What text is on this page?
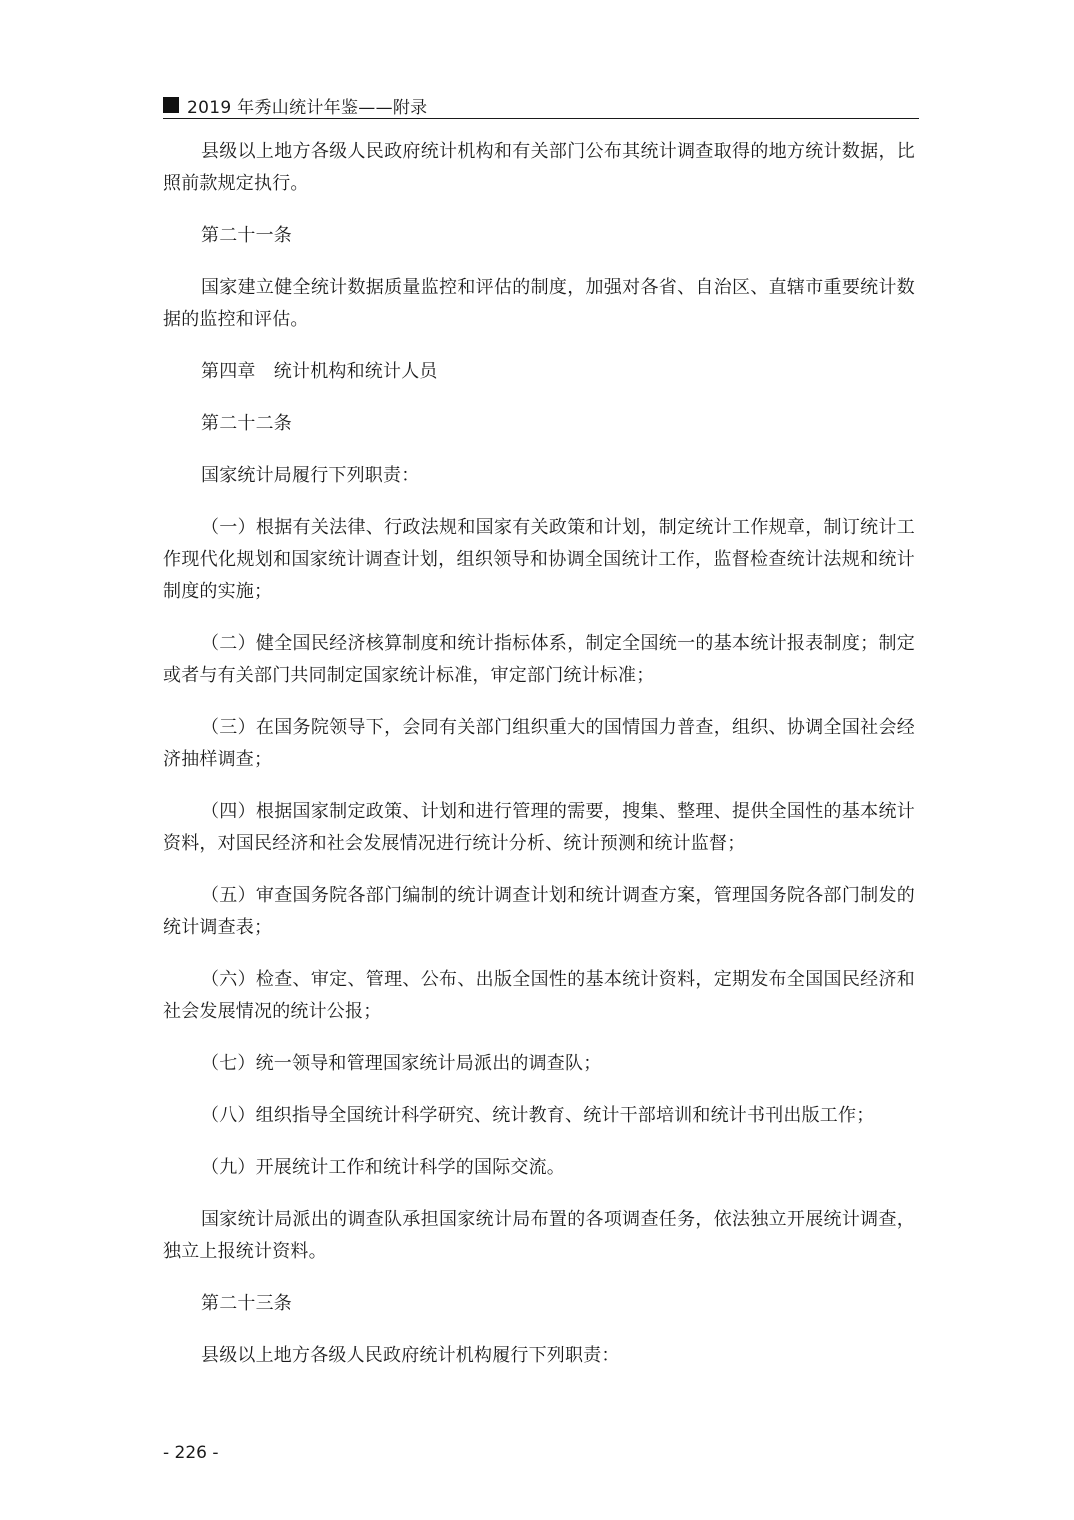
2019 年秀山统计年鉴——附录

县级以上地方各级人民政府统计机构和有关部门公布其统计调查取得的地方统计数据，比照前款规定执行。

第二十一条

国家建立健全统计数据质量监控和评估的制度，加强对各省、自治区、直辖市重要统计数据的监控和评估。

第四章　统计机构和统计人员

第二十二条

国家统计局履行下列职责：

（一）根据有关法律、行政法规和国家有关政策和计划，制定统计工作规章，制订统计工作现代化规划和国家统计调查计划，组织领导和协调全国统计工作，监督检查统计法规和统计制度的实施；

（二）健全国民经济核算制度和统计指标体系，制定全国统一的基本统计报表制度；制定或者与有关部门共同制定国家统计标准，审定部门统计标准；

（三）在国务院领导下，会同有关部门组织重大的国情国力普查，组织、协调全国社会经济抽样调查；

（四）根据国家制定政策、计划和进行管理的需要，搜集、整理、提供全国性的基本统计资料，对国民经济和社会发展情况进行统计分析、统计预测和统计监督；

（五）审查国务院各部门编制的统计调查计划和统计调查方案，管理国务院各部门制发的统计调查表；

（六）检查、审定、管理、公布、出版全国性的基本统计资料，定期发布全国国民经济和社会发展情况的统计公报；

（七）统一领导和管理国家统计局派出的调查队；

（八）组织指导全国统计科学研究、统计教育、统计干部培训和统计书刊出版工作；

（九）开展统计工作和统计科学的国际交流。

国家统计局派出的调查队承担国家统计局布置的各项调查任务，依法独立开展统计调查，独立上报统计资料。

第二十三条

县级以上地方各级人民政府统计机构履行下列职责：

- 226 -
